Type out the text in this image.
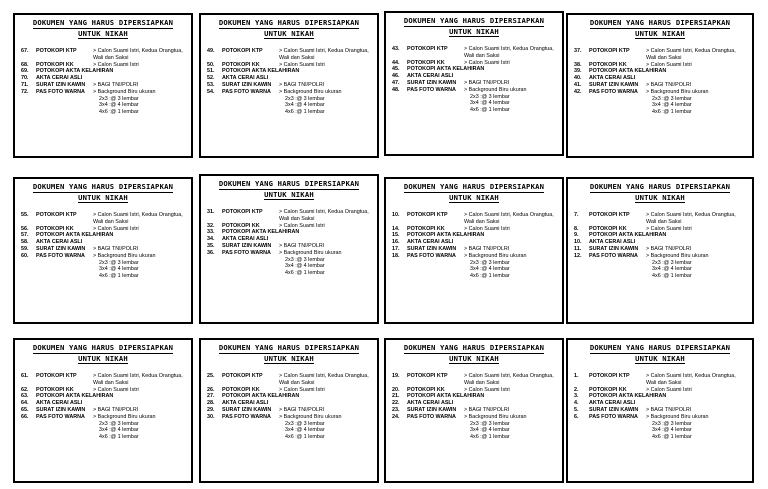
DOKUMEN YANG HARUS DIPERSIAPKAN
UNTUK NIKAH
67.	POTOKOPI KTP	> Calon Suami Istri, Kedua Orangtua, Wali dan Saksi
68.	POTOKOPI KK	> Calon Suami Istri
69.	POTOKOPI AKTA KELAHIRAN
70.	AKTA CERAI ASLI
71.	SURAT IZIN KAWIN	> BAGI TNI/POLRI
72.	PAS FOTO WARNA	> Background Biru ukuran
2x3 :@ 3 lembar
3x4 :@ 4 lembar
4x6 :@ 1 lembar
DOKUMEN YANG HARUS DIPERSIAPKAN
UNTUK NIKAH
49.	POTOKOPI KTP	> Calon Suami Istri, Kedua Orangtua, Wali dan Saksi
50.	POTOKOPI KK	> Calon Suami Istri
51.	POTOKOPI AKTA KELAHIRAN
52.	AKTA CERAI ASLI
53.	SURAT IZIN KAWIN	> BAGI TNI/POLRI
54.	PAS FOTO WARNA	> Background Biru ukuran
2x3 :@ 3 lembar
3x4 :@ 4 lembar
4x6 :@ 1 lembar
DOKUMEN YANG HARUS DIPERSIAPKAN
UNTUK NIKAH
43.	POTOKOPI KTP	> Calon Suami Istri, Kedua Orangtua, Wali dan Saksi
44.	POTOKOPI KK	> Calon Suami Istri
45.	POTOKOPI AKTA KELAHIRAN
46.	AKTA CERAI ASLI
47.	SURAT IZIN KAWIN	> BAGI TNI/POLRI
48.	PAS FOTO WARNA	> Background Biru ukuran
2x3 :@ 3 lembar
3x4 :@ 4 lembar
4x6 :@ 1 lembar
DOKUMEN YANG HARUS DIPERSIAPKAN
UNTUK NIKAH
37.	POTOKOPI KTP	> Calon Suami Istri, Kedua Orangtua, Wali dan Saksi
38.	POTOKOPI KK	> Calon Suami Istri
39.	POTOKOPI AKTA KELAHIRAN
40.	AKTA CERAI ASLI
41.	SURAT IZIN KAWIN	> BAGI TNI/POLRI
42.	PAS FOTO WARNA	> Background Biru ukuran
2x3 :@ 3 lembar
3x4 :@ 4 lembar
4x6 :@ 1 lembar
DOKUMEN YANG HARUS DIPERSIAPKAN
UNTUK NIKAH
55.	POTOKOPI KTP	> Calon Suami Istri, Kedua Orangtua, Wali dan Saksi
56.	POTOKOPI KK	> Calon Suami Istri
57.	POTOKOPI AKTA KELAHIRAN
58.	AKTA CERAI ASLI
59.	SURAT IZIN KAWIN	> BAGI TNI/POLRI
60.	PAS FOTO WARNA	> Background Biru ukuran
2x3 :@ 3 lembar
3x4 :@ 4 lembar
4x6 :@ 1 lembar
DOKUMEN YANG HARUS DIPERSIAPKAN
UNTUK NIKAH
31.	POTOKOPI KTP	> Calon Suami Istri, Kedua Orangtua, Wali dan Saksi
32.	POTOKOPI KK	> Calon Suami Istri
33.	POTOKOPI AKTA KELAHIRAN
34.	AKTA CERAI ASLI
35.	SURAT IZIN KAWIN	> BAGI TNI/POLRI
36.	PAS FOTO WARNA	> Background Biru ukuran
2x3 :@ 3 lembar
3x4 :@ 4 lembar
4x6 :@ 1 lembar
DOKUMEN YANG HARUS DIPERSIAPKAN
UNTUK NIKAH
10.	POTOKOPI KTP	> Calon Suami Istri, Kedua Orangtua, Wali dan Saksi
14.	POTOKOPI KK	> Calon Suami Istri
15.	POTOKOPI AKTA KELAHIRAN
16.	AKTA CERAI ASLI
17.	SURAT IZIN KAWIN	> BAGI TNI/POLRI
18.	PAS FOTO WARNA	> Background Biru ukuran
2x3 :@ 3 lembar
3x4 :@ 4 lembar
4x6 :@ 1 lembar
DOKUMEN YANG HARUS DIPERSIAPKAN
UNTUK NIKAH
7.	POTOKOPI KTP	> Calon Suami Istri, Kedua Orangtua, Wali dan Saksi
8.	POTOKOPI KK	> Calon Suami Istri
9.	POTOKOPI AKTA KELAHIRAN
10.	AKTA CERAI ASLI
11.	SURAT IZIN KAWIN	> BAGI TNI/POLRI
12.	PAS FOTO WARNA	> Background Biru ukuran
2x3 :@ 3 lembar
3x4 :@ 4 lembar
4x6 :@ 1 lembar
DOKUMEN YANG HARUS DIPERSIAPKAN
UNTUK NIKAH
61.	POTOKOPI KTP	> Calon Suami Istri, Kedua Orangtua, Wali dan Saksi
62.	POTOKOPI KK	> Calon Suami Istri
63.	POTOKOPI AKTA KELAHIRAN
64.	AKTA CERAI ASLI
65.	SURAT IZIN KAWIN	> BAGI TNI/POLRI
66.	PAS FOTO WARNA	> Background Biru ukuran
2x3 :@ 3 lembar
3x4 :@ 4 lembar
4x6 :@ 1 lembar
DOKUMEN YANG HARUS DIPERSIAPKAN
UNTUK NIKAH
25.	POTOKOPI KTP	> Calon Suami Istri, Kedua Orangtua, Wali dan Saksi
26.	POTOKOPI KK	> Calon Suami Istri
27.	POTOKOPI AKTA KELAHIRAN
28.	AKTA CERAI ASLI
29.	SURAT IZIN KAWIN	> BAGI TNI/POLRI
30.	PAS FOTO WARNA	> Background Biru ukuran
2x3 :@ 3 lembar
3x4 :@ 4 lembar
4x6 :@ 1 lembar
DOKUMEN YANG HARUS DIPERSIAPKAN
UNTUK NIKAH
19.	POTOKOPI KTP	> Calon Suami Istri, Kedua Orangtua, Wali dan Saksi
20.	POTOKOPI KK	> Calon Suami Istri
21.	POTOKOPI AKTA KELAHIRAN
22.	AKTA CERAI ASLI
23.	SURAT IZIN KAWIN	> BAGI TNI/POLRI
24.	PAS FOTO WARNA	> Background Biru ukuran
2x3 :@ 3 lembar
3x4 :@ 4 lembar
4x6 :@ 1 lembar
DOKUMEN YANG HARUS DIPERSIAPKAN
UNTUK NIKAH
1.	POTOKOPI KTP	> Calon Suami Istri, Kedua Orangtua, Wali dan Saksi
2.	POTOKOPI KK	> Calon Suami Istri
3.	POTOKOPI AKTA KELAHIRAN
4.	AKTA CERAI ASLI
5.	SURAT IZIN KAWIN	> BAGI TNI/POLRI
6.	PAS FOTO WARNA	> Background Biru ukuran
2x3 :@ 3 lembar
3x4 :@ 4 lembar
4x6 :@ 1 lembar
